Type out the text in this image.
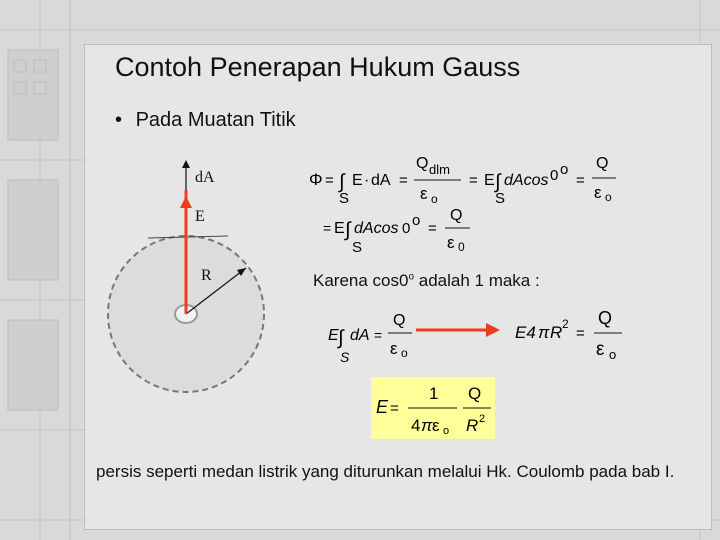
Contoh Penerapan Hukum Gauss
• Pada Muatan Titik
dA
E
R
Φ = ∫
S
E · dA =
Q dlm
ε o
= E ∫
S
dAcos 0 o
=
Q
ε o
= E ∫
S
dAcos 0 o =
Q
ε 0
Karena cos0$^o$ adalah 1 maka :
E ∫
S
dA =
Q
ε o
E4 π R 2
=
Q
ε o
E =
1
4 π ε o
Q
R 2
persis seperti medan listrik yang diturunkan melalui Hk. Coulomb pada bab I.
